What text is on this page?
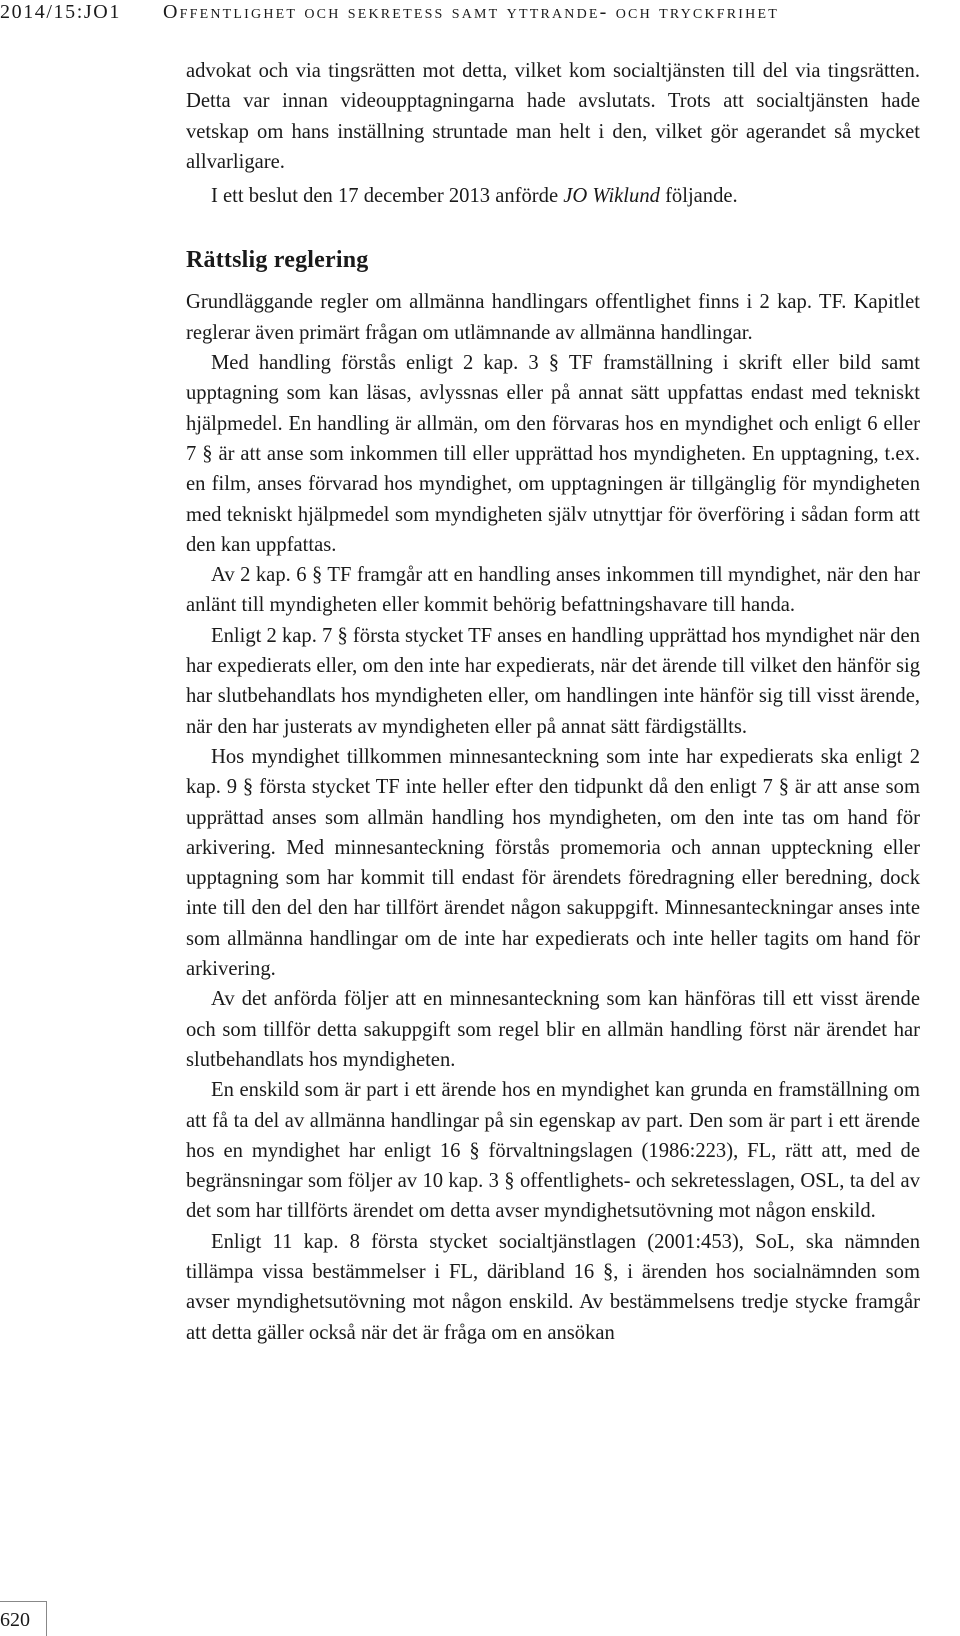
2014/15:JO1 Offentlighet och sekretess samt yttrande- och tryckfrihet

advokat och via tingsrätten mot detta, vilket kom socialtjänsten till del via tingsrätten. Detta var innan videoupptagningarna hade avslutats. Trots att socialtjänsten hade vetskap om hans inställning struntade man helt i den, vilket gör agerandet så mycket allvarligare.

I ett beslut den 17 december 2013 anförde JO Wiklund följande.

Rättslig reglering

Grundläggande regler om allmänna handlingars offentlighet finns i 2 kap. TF. Kapitlet reglerar även primärt frågan om utlämnande av allmänna handlingar.

Med handling förstås enligt 2 kap. 3 § TF framställning i skrift eller bild samt upptagning som kan läsas, avlyssnas eller på annat sätt uppfattas endast med tekniskt hjälpmedel. En handling är allmän, om den förvaras hos en myndighet och enligt 6 eller 7 § är att anse som inkommen till eller upprättad hos myndigheten. En upptagning, t.ex. en film, anses förvarad hos myndighet, om upptagningen är tillgänglig för myndigheten med tekniskt hjälpmedel som myndigheten själv utnyttjar för överföring i sådan form att den kan uppfattas.

Av 2 kap. 6 § TF framgår att en handling anses inkommen till myndighet, när den har anlänt till myndigheten eller kommit behörig befattningshavare till handa.

Enligt 2 kap. 7 § första stycket TF anses en handling upprättad hos myndighet när den har expedierats eller, om den inte har expedierats, när det ärende till vilket den hänför sig har slutbehandlats hos myndigheten eller, om handlingen inte hänför sig till visst ärende, när den har justerats av myndigheten eller på annat sätt färdigställts.

Hos myndighet tillkommen minnesanteckning som inte har expedierats ska enligt 2 kap. 9 § första stycket TF inte heller efter den tidpunkt då den enligt 7 § är att anse som upprättad anses som allmän handling hos myndigheten, om den inte tas om hand för arkivering. Med minnesanteckning förstås promemoria och annan uppteckning eller upptagning som har kommit till endast för ärendets föredragning eller beredning, dock inte till den del den har tillfört ärendet någon sakuppgift. Minnesanteckningar anses inte som allmänna handlingar om de inte har expedierats och inte heller tagits om hand för arkivering.

Av det anförda följer att en minnesanteckning som kan hänföras till ett visst ärende och som tillför detta sakuppgift som regel blir en allmän handling först när ärendet har slutbehandlats hos myndigheten.

En enskild som är part i ett ärende hos en myndighet kan grunda en framställning om att få ta del av allmänna handlingar på sin egenskap av part. Den som är part i ett ärende hos en myndighet har enligt 16 § förvaltningslagen (1986:223), FL, rätt att, med de begränsningar som följer av 10 kap. 3 § offentlighets- och sekretesslagen, OSL, ta del av det som har tillförts ärendet om detta avser myndighetsutövning mot någon enskild.

Enligt 11 kap. 8 första stycket socialtjänstlagen (2001:453), SoL, ska nämnden tillämpa vissa bestämmelser i FL, däribland 16 §, i ärenden hos socialnämnden som avser myndighetsutövning mot någon enskild. Av bestämmelsens tredje stycke framgår att detta gäller också när det är fråga om en ansökan

620
